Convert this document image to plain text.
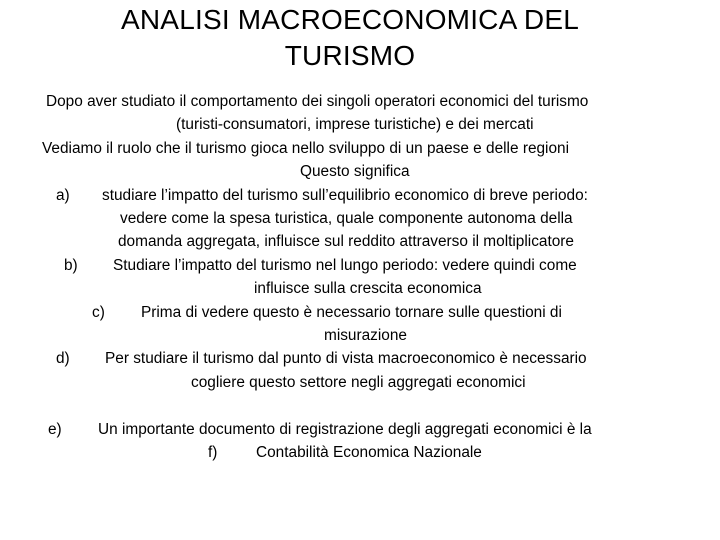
ANALISI MACROECONOMICA DEL
TURISMO
Dopo aver studiato il comportamento dei singoli operatori economici del turismo
(turisti-consumatori, imprese turistiche) e dei mercati
Vediamo il ruolo che il turismo gioca nello sviluppo di un paese e delle regioni
Questo significa
a) studiare l’impatto del turismo sull’equilibrio economico di breve periodo:
vedere come la spesa turistica, quale componente autonoma della
domanda aggregata, influisce sul reddito attraverso il moltiplicatore
b) Studiare l’impatto del turismo nel lungo periodo: vedere quindi come
influisce sulla crescita economica
c) Prima di vedere questo è necessario tornare sulle questioni di
misurazione
d) Per studiare il turismo dal punto di vista macroeconomico è necessario
cogliere questo settore negli aggregati economici
e) Un importante documento di registrazione degli aggregati economici è la
f)	Contabilità Economica Nazionale
